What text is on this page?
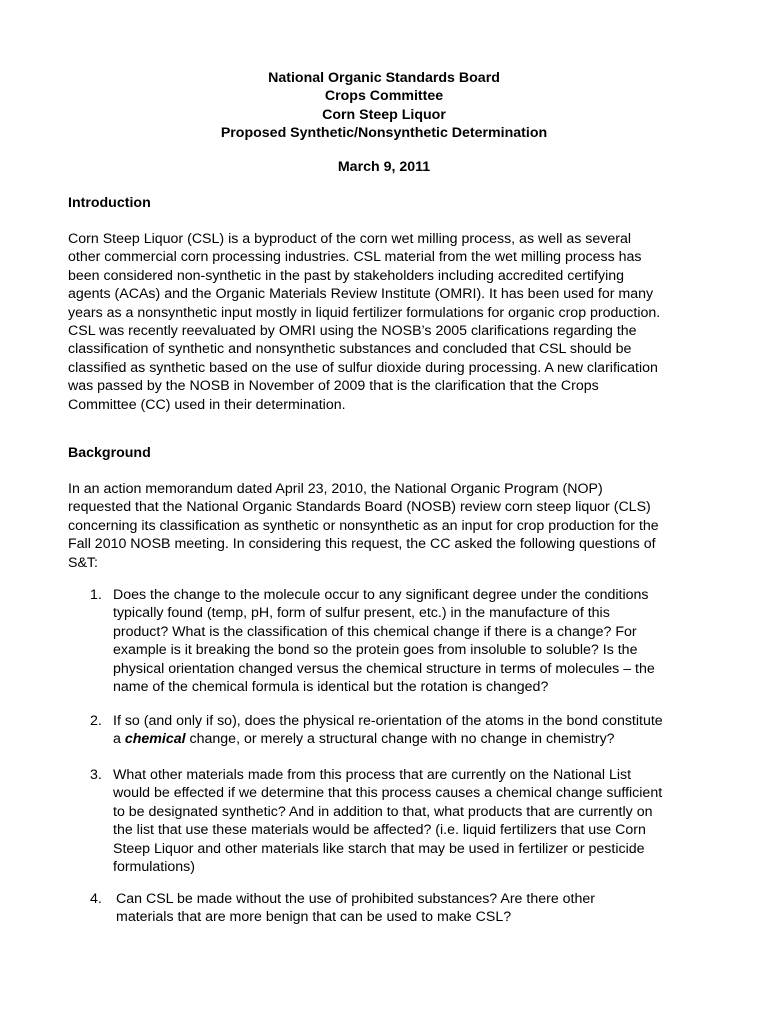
National Organic Standards Board
Crops Committee
Corn Steep Liquor
Proposed Synthetic/Nonsynthetic Determination
March 9, 2011
Introduction
Corn Steep Liquor (CSL) is a byproduct of the corn wet milling process, as well as several
other commercial corn processing industries. CSL material from the wet milling process has
been considered non-synthetic in the past by stakeholders including accredited certifying
agents (ACAs) and the Organic Materials Review Institute (OMRI). It has been used for many
years as a nonsynthetic input mostly in liquid fertilizer formulations for organic crop production.
CSL was recently reevaluated by OMRI using the NOSB’s 2005 clarifications regarding the
classification of synthetic and nonsynthetic substances and concluded that CSL should be
classified as synthetic based on the use of sulfur dioxide during processing. A new clarification
was passed by the NOSB in November of 2009 that is the clarification that the Crops
Committee (CC) used in their determination.
Background
In an action memorandum dated April 23, 2010, the National Organic Program (NOP)
requested that the National Organic Standards Board (NOSB) review corn steep liquor (CLS)
concerning its classification as synthetic or nonsynthetic as an input for crop production for the
Fall 2010 NOSB meeting. In considering this request, the CC asked the following questions of
S&T:
1. Does the change to the molecule occur to any significant degree under the conditions
typically found (temp, pH, form of sulfur present, etc.) in the manufacture of this
product? What is the classification of this chemical change if there is a change? For
example is it breaking the bond so the protein goes from insoluble to soluble? Is the
physical orientation changed versus the chemical structure in terms of molecules – the
name of the chemical formula is identical but the rotation is changed?
2. If so (and only if so), does the physical re-orientation of the atoms in the bond constitute
a chemical change, or merely a structural change with no change in chemistry?
3. What other materials made from this process that are currently on the National List
would be effected if we determine that this process causes a chemical change sufficient
to be designated synthetic? And in addition to that, what products that are currently on
the list that use these materials would be affected? (i.e. liquid fertilizers that use Corn
Steep Liquor and other materials like starch that may be used in fertilizer or pesticide
formulations)
4. Can CSL be made without the use of prohibited substances? Are there other
materials that are more benign that can be used to make CSL?
